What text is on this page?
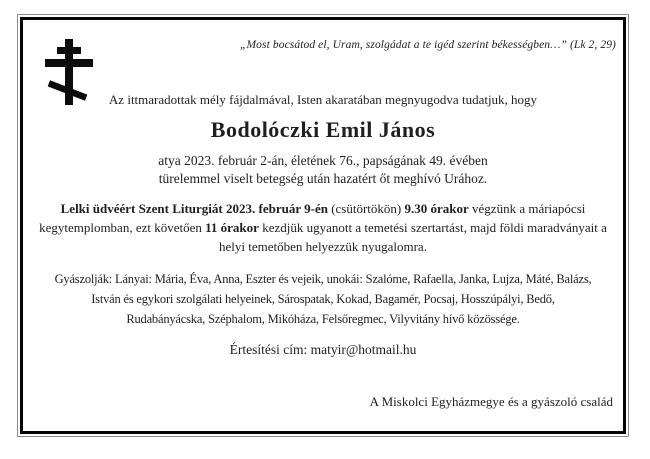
„Most bocsátod el, Uram, szolgádat a te igéd szerint békességben…” (Lk 2, 29)
Az ittmaradottak mély fájdalmával, Isten akaratában megnyugodva tudatjuk, hogy
Bodolóczki Emil János
atya 2023. február 2-án, életének 76., papságának 49. évében
türelemmel viselt betegség után hazatért őt meghívó Urához.
Lelki üdvéért Szent Liturgiát 2023. február 9-én (csütörtökön) 9.30 órakor végzünk a máriapócsi kegytemplomban, ezt követően 11 órakor kezdjük ugyanott a temetési szertartást, majd földi maradványait a helyi temetőben helyezzük nyugalomra.
Gyászolják: Lányai: Mária, Éva, Anna, Eszter és vejeik, unokái: Szalóme, Rafaella, Janka, Lujza, Máté, Balázs,
István és egykori szolgálati helyeinek, Sárospatak, Kokad, Bagamér, Pocsaj, Hosszúpályi, Bedő,
Rudabányácska, Széphalom, Mikóháza, Felsőregmec, Vilyvitány hívő közössége.
Értesítési cím: matyir@hotmail.hu
A Miskolci Egyházmegye és a gyászoló család
